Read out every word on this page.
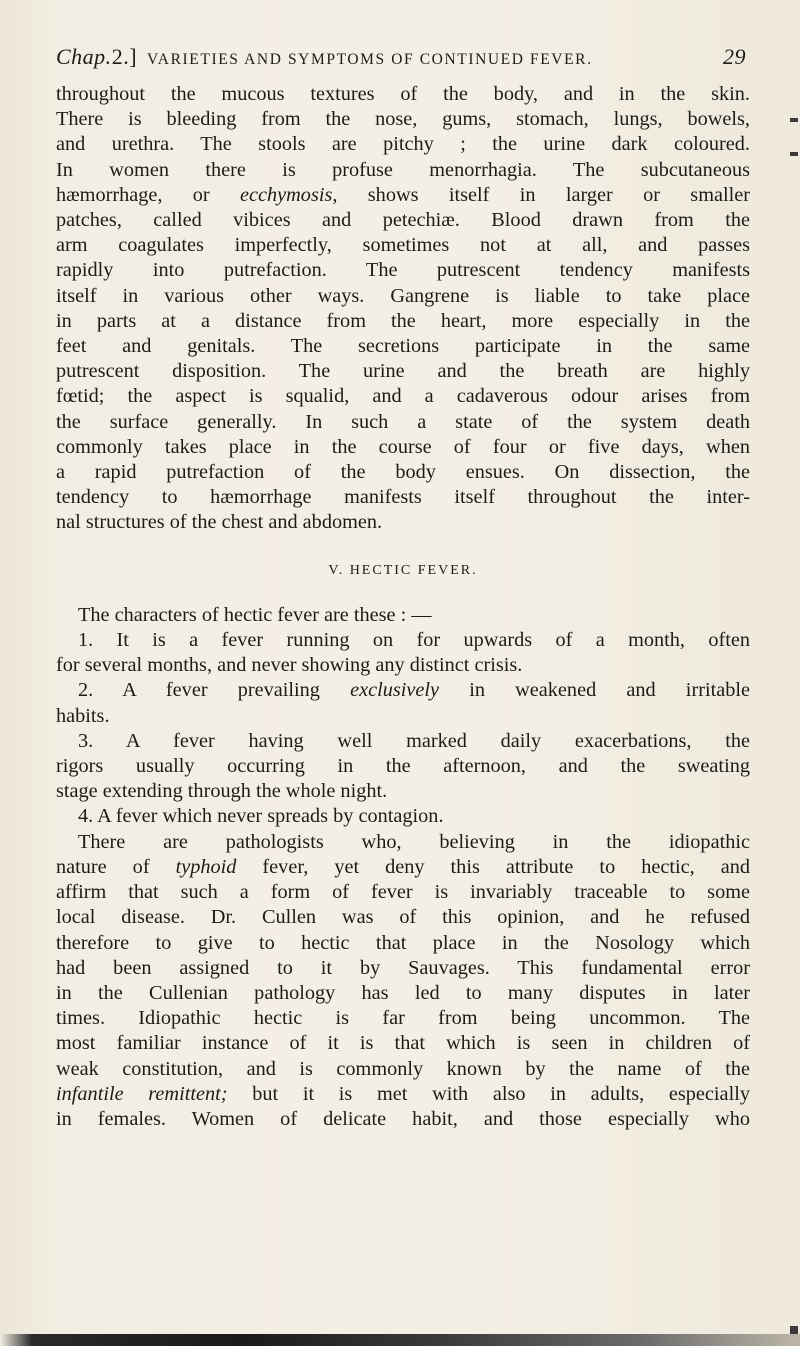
Chap. 2.] VARIETIES AND SYMPTOMS OF CONTINUED FEVER.	29
throughout the mucous textures of the body, and in the skin.
There is bleeding from the nose, gums, stomach, lungs, bowels,
and urethra. The stools are pitchy ; the urine dark coloured.
In women there is profuse menorrhagia. The subcutaneous
hæmorrhage, or ecchymosis, shows itself in larger or smaller
patches, called vibices and petechiæ. Blood drawn from the
arm coagulates imperfectly, sometimes not at all, and passes
rapidly into putrefaction. The putrescent tendency manifests
itself in various other ways. Gangrene is liable to take place
in parts at a distance from the heart, more especially in the
feet and genitals. The secretions participate in the same
putrescent disposition. The urine and the breath are highly
fœtid; the aspect is squalid, and a cadaverous odour arises from
the surface generally. In such a state of the system death
commonly takes place in the course of four or five days, when
a rapid putrefaction of the body ensues. On dissection, the
tendency to hæmorrhage manifests itself throughout the inter-
nal structures of the chest and abdomen.
V. HECTIC FEVER.
The characters of hectic fever are these : —
1. It is a fever running on for upwards of a month, often
for several months, and never showing any distinct crisis.
2. A fever prevailing exclusively in weakened and irritable
habits.
3. A fever having well marked daily exacerbations, the
rigors usually occurring in the afternoon, and the sweating
stage extending through the whole night.
4. A fever which never spreads by contagion.
There are pathologists who, believing in the idiopathic
nature of typhoid fever, yet deny this attribute to hectic, and
affirm that such a form of fever is invariably traceable to some
local disease. Dr. Cullen was of this opinion, and he refused
therefore to give to hectic that place in the Nosology which
had been assigned to it by Sauvages. This fundamental error
in the Cullenian pathology has led to many disputes in later
times. Idiopathic hectic is far from being uncommon. The
most familiar instance of it is that which is seen in children of
weak constitution, and is commonly known by the name of the
infantile remittent; but it is met with also in adults, especially
in females. Women of delicate habit, and those especially who
